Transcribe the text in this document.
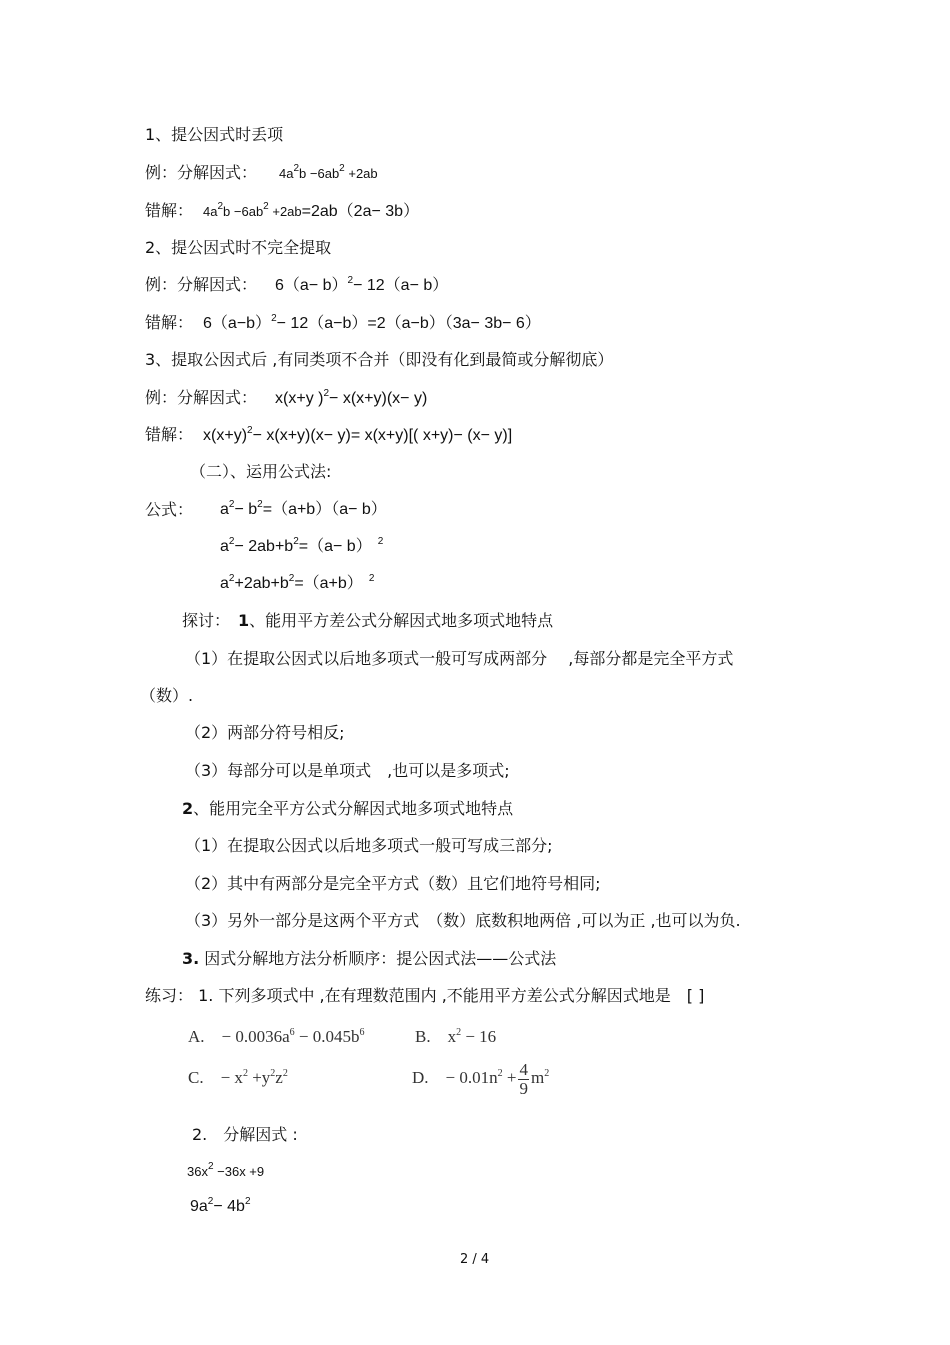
1、提公因式时丢项
例：分解因式： $4a^2b -6ab^2 +2ab$
错解： $4a^2b -6ab^2 +2ab=2ab(2a- 3b)$
2、提公因式时不完全提取
例：分解因式： $6(a- b)^2- 12(a- b)$
错解： $6(a-b)^2- 12(a-b)=2(a-b)(3a- 3b- 6)$
3、提取公因式后 ,有同类项不合并（即没有化到最简或分解彻底）
例：分解因式： x(x+y )$^2$− x(x+y)(x− y)
错解： $x(x+y)^2- x(x+y)(x- y)= x(x+y)$[( x+y)− (x− y)]
（二）、运用公式法:
公式： $a^2- b^2=(a+b)(a- b)$
$a^2- 2ab+b^2=(a- b)$ $^2$
$a^2+2ab+b^2=(a+b)$ $^2$
探讨： 1、能用平方差公式分解因式地多项式地特点
（1）在提取公因式以后地多项式一般可写成两部分　 ,每部分都是完全平方式
（数）.
（2）两部分符号相反;
（3）每部分可以是单项式　,也可以是多项式;
2、能用完全平方公式分解因式地多项式地特点
（1）在提取公因式以后地多项式一般可写成三部分;
（2）其中有两部分是完全平方式（数）且它们地符号相同;
（3）另外一部分是这两个平方式　（数）底数积地两倍 ,可以为正 ,也可以为负.
3. 因式分解地方法分析顺序：提公因式法——公式法
练习： 1. 下列多项式中 ,在有理数范围内 ,不能用平方差公式分解因式地是　[ ]
A.　− $0.0036a^6 - 0.045b^6$	B.　$x^2 - 16$
C.　− $x^2 +y^2z^2$	D.　− $0.01n^2 + \frac{4}{9} m^2$
2.　分解因式 :
$36x^2 -36x +9$
$9a^2- 4b^2$
2 / 4
